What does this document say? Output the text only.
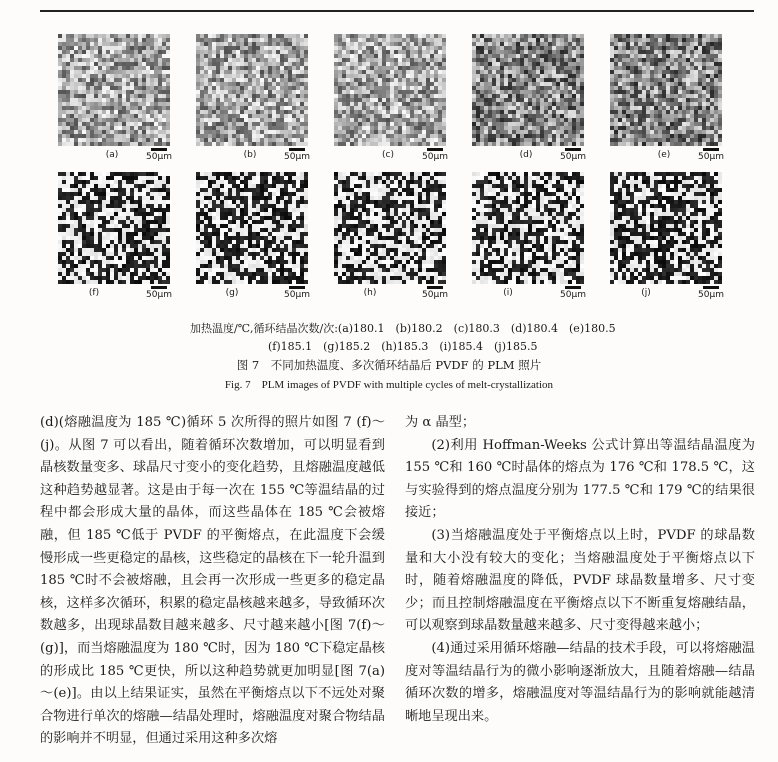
(a)	50μm	(b)	50μm	(c)	50μm	(d)	50μm	(e)	50μm
(f)	50μm	(g)	50μm	(h)	50μm	(i)	50μm	(j)	50μm
加热温度/℃,循环结晶次数/次:(a)180.1　(b)180.2　(c)180.3　(d)180.4　(e)180.5
(f)185.1　(g)185.2　(h)185.3　(i)185.4　(j)185.5
图 7　不同加热温度、多次循环结晶后 PVDF 的 PLM 照片
Fig. 7　PLM images of PVDF with multiple cycles of melt-crystallization

(d)(熔融温度为 185 ℃)循环 5 次所得的照片如图 7 (f)～(j)。从图 7 可以看出，随着循环次数增加，可以明显看到晶核数量变多、球晶尺寸变小的变化趋势，且熔融温度越低这种趋势越显著。这是由于每一次在 155 ℃等温结晶的过程中都会形成大量的晶体，而这些晶体在 185 ℃会被熔融，但 185 ℃低于 PVDF 的平衡熔点，在此温度下会缓慢形成一些更稳定的晶核，这些稳定的晶核在下一轮升温到 185 ℃时不会被熔融，且会再一次形成一些更多的稳定晶核，这样多次循环，积累的稳定晶核越来越多，导致循环次数越多，出现球晶数目越来越多、尺寸越来越小[图 7(f)～(g)]，而当熔融温度为 180 ℃时，因为 180 ℃下稳定晶核的形成比 185 ℃更快，所以这种趋势就更加明显[图 7(a)～(e)]。由以上结果证实，虽然在平衡熔点以下不远处对聚合物进行单次的熔融—结晶处理时，熔融温度对聚合物结晶的影响并不明显，但通过采用这种多次熔

为 α 晶型；

(2)利用 Hoffman-Weeks 公式计算出等温结晶温度为 155 ℃和 160 ℃时晶体的熔点为 176 ℃和 178.5 ℃，这与实验得到的熔点温度分别为 177.5 ℃和 179 ℃的结果很接近；

(3)当熔融温度处于平衡熔点以上时，PVDF 的球晶数量和大小没有较大的变化；当熔融温度处于平衡熔点以下时，随着熔融温度的降低，PVDF 球晶数量增多、尺寸变少；而且控制熔融温度在平衡熔点以下不断重复熔融结晶，可以观察到球晶数量越来越多、尺寸变得越来越小；

(4)通过采用循环熔融—结晶的技术手段，可以将熔融温度对等温结晶行为的微小影响逐渐放大，且随着熔融—结晶循环次数的增多，熔融温度对等温结晶行为的影响就能越清晰地呈现出来。
